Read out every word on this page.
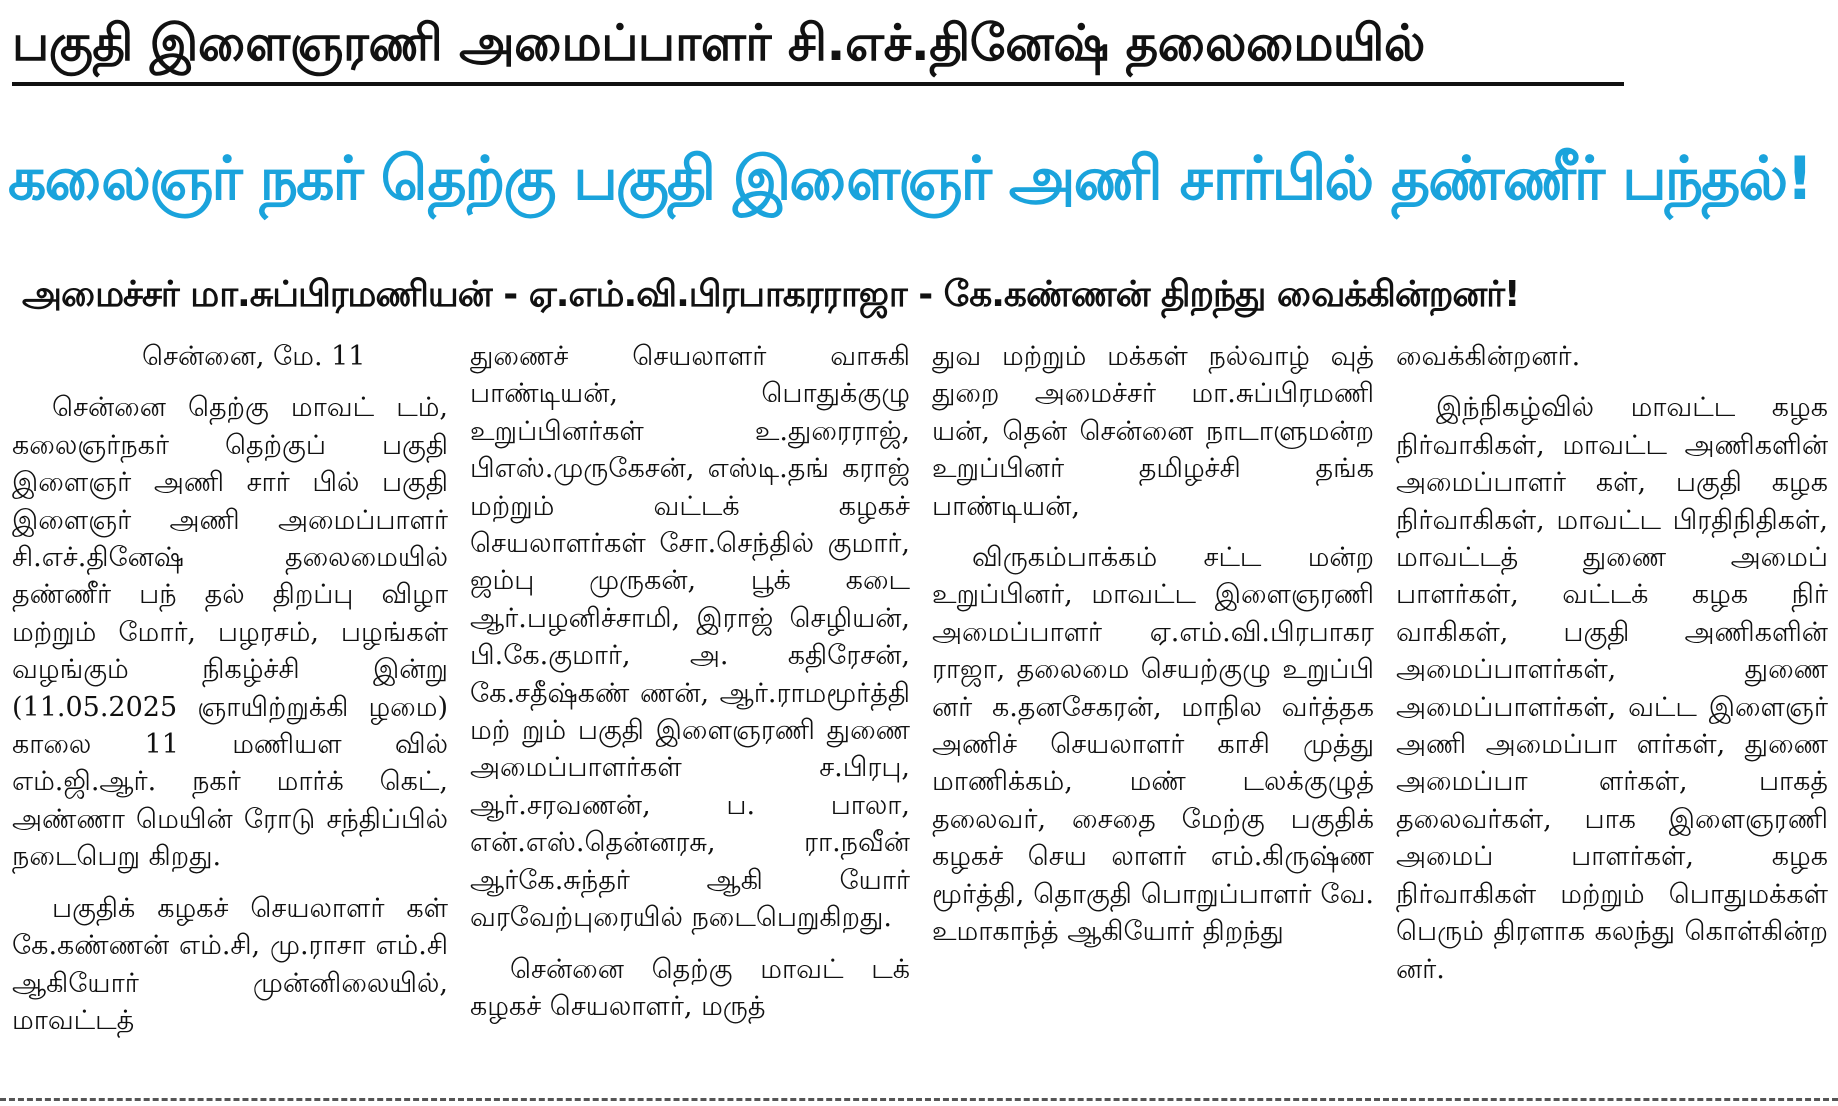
பகுதி இளைஞரணி அமைப்பாளர் சி.எச்.தினேஷ் தலைமையில்
கலைஞர் நகர் தெற்கு பகுதி இளைஞர் அணி சார்பில் தண்ணீர் பந்தல்!
அமைச்சர் மா.சுப்பிரமணியன் - ஏ.எம்.வி.பிரபாகரராஜா - கே.கண்ணன் திறந்து வைக்கின்றனர்!

சென்னை, மே. 11

சென்னை தெற்கு மாவட் டம், கலைஞர்நகர் தெற்குப் பகுதி இளைஞர் அணி சார் பில் பகுதி இளைஞர் அணி அமைப்பாளர் சி.எச்.தினேஷ் தலைமையில் தண்ணீர் பந் தல் திறப்பு விழா மற்றும் மோர், பழரசம், பழங்கள் வழங்கும் நிகழ்ச்சி இன்று (11.05.2025 ஞாயிற்றுக்கி ழமை) காலை 11 மணியள வில் எம்.ஜி.ஆர். நகர் மார்க் கெட், அண்ணா மெயின் ரோடு சந்திப்பில் நடைபெறு கிறது.

பகுதிக் கழகச் செயலாளர் கள் கே.கண்ணன் எம்.சி, மு.ராசா எம்.சி ஆகியோர் முன்னிலையில், மாவட்டத்

துணைச் செயலாளர் வாசுகி பாண்டியன், பொதுக்குழு உறுப்பினர்கள் உ.துரைராஜ், பிஎஸ்.முருகேசன், எஸ்டி.தங் கராஜ் மற்றும் வட்டக் கழகச் செயலாளர்கள் சோ.செந்தில் குமார், ஜம்பு முருகன், பூக் கடை ஆர்.பழனிச்சாமி, இராஜ் செழியன், பி.கே.குமார், அ. கதிரேசன், கே.சதீஷ்கண் ணன், ஆர்.ராமமூர்த்தி மற் றும் பகுதி இளைஞரணி துணை அமைப்பாளர்கள் ச.பிரபு, ஆர்.சரவணன், ப. பாலா, என்.எஸ்.தென்னரசு, ரா.நவீன் ஆர்கே.சுந்தர் ஆகி யோர் வரவேற்புரையில் நடைபெறுகிறது.

சென்னை தெற்கு மாவட் டக் கழகச் செயலாளர், மருத்

துவ மற்றும் மக்கள் நல்வாழ் வுத் துறை அமைச்சர் மா.சுப்பிரமணி யன், தென் சென்னை நாடாளுமன்ற உறுப்பினர் தமிழச்சி தங்க பாண்டியன்,

விருகம்பாக்கம் சட்ட மன்ற உறுப்பினர், மாவட்ட இளைஞரணி அமைப்பாளர் ஏ.எம்.வி.பிரபாகர ராஜா, தலைமை செயற்குழு உறுப்பி னர் க.தனசேகரன், மாநில வர்த்தக அணிச் செயலாளர் காசி முத்து மாணிக்கம், மண் டலக்குழுத் தலைவர், சைதை மேற்கு பகுதிக் கழகச் செய லாளர் எம்.கிருஷ்ண மூர்த்தி, தொகுதி பொறுப்பாளர் வே. உமாகாந்த் ஆகியோர் திறந்து

வைக்கின்றனர்.

இந்நிகழ்வில் மாவட்ட கழக நிர்வாகிகள், மாவட்ட அணிகளின் அமைப்பாளர் கள், பகுதி கழக நிர்வாகிகள், மாவட்ட பிரதிநிதிகள், மாவட்டத் துணை அமைப் பாளர்கள், வட்டக் கழக நிர் வாகிகள், பகுதி அணிகளின் அமைப்பாளர்கள், துணை அமைப்பாளர்கள், வட்ட இளைஞர் அணி அமைப்பா ளர்கள், துணை அமைப்பா ளர்கள், பாகத் தலைவர்கள், பாக இளைஞரணி அமைப் பாளர்கள், கழக நிர்வாகிகள் மற்றும் பொதுமக்கள் பெரும் திரளாக கலந்து கொள்கின்ற னர்.
